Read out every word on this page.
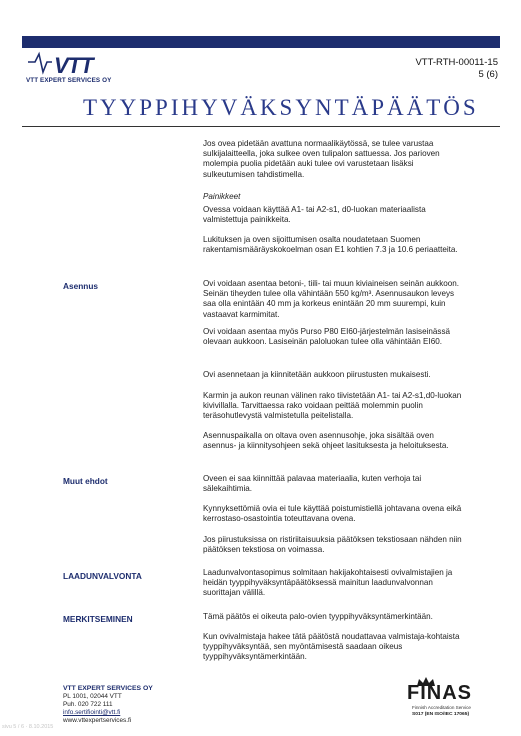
VTT
VTT EXPERT SERVICES OY
VTT-RTH-00011-15
5 (6)
TYYPPIHYVÄKSYNTÄPÄÄTÖS

Jos ovea pidetään avattuna normaalikäytössä, se tulee varustaa sulkijalaitteella, joka sulkee oven tulipalon sattuessa. Jos parioven molempia puolia pidetään auki tulee ovi varustetaan lisäksi sulkeutumisen tahdistimella.

Painikkeet

Ovessa voidaan käyttää A1- tai A2-s1, d0-luokan materiaalista valmistettuja painikkeita.

Lukituksen ja oven sijoittumisen osalta noudatetaan Suomen rakentamismääräyskokoelman osan E1 kohtien 7.3 ja 10.6 periaatteita.

Asennus	Ovi voidaan asentaa betoni-, tiili- tai muun kiviaineisen seinän aukkoon. Seinän tiheyden tulee olla vähintään 550 kg/m³. Asennusaukon leveys saa olla enintään 40 mm ja korkeus enintään 20 mm suurempi, kuin vastaavat karmimitat.

Ovi voidaan asentaa myös Purso P80 EI60-järjestelmän lasiseinässä olevaan aukkoon. Lasiseinän paloluokan tulee olla vähintään EI60.

Ovi asennetaan ja kiinnitetään aukkoon piirustusten mukaisesti.

Karmin ja aukon reunan välinen rako tiivistetään A1- tai A2-s1,d0-luokan kivivillalla. Tarvittaessa rako voidaan peittää molemmin puolin teräsohutlevystä valmistetulla peitelistalla.

Asennuspaikalla on oltava oven asennusohje, joka sisältää oven asennus- ja kiinnitysohjeen sekä ohjeet lasituksesta ja heloituksesta.

Muut ehdot	Oveen ei saa kiinnittää palavaa materiaalia, kuten verhoja tai sälekaihtimia.

Kynnyksettömiä ovia ei tule käyttää poistumistiellä johtavana ovena eikä kerrostaso-osastointia toteuttavana ovena.

Jos piirustuksissa on ristiriitaisuuksia päätöksen tekstiosaan nähden niin päätöksen tekstiosa on voimassa.

LAADUNVALVONTA	Laadunvalvontasopimus solmitaan hakijakohtaisesti ovivalmistajien ja heidän tyyppihyväksyntäpäätöksessä mainitun laadunvalvonnan suorittajan välillä.

MERKITSEMINEN	Tämä päätös ei oikeuta palo-ovien tyyppihyväksyntämerkintään.

Kun ovivalmistaja hakee tätä päätöstä noudattavaa valmistaja-kohtaista tyyppihyväksyntää, sen myöntämisestä saadaan oikeus tyyppihyväksyntämerkintään.

VTT EXPERT SERVICES OY
PL 1001, 02044 VTT
Puh. 020 722 111
info.sertifiointi@vtt.fi
www.vttexpertservices.fi
FINAS
Finnish Accreditation Service
S017 (EN ISO/IEC 17065)
sivu 5 / 6 · 8.10.2015
